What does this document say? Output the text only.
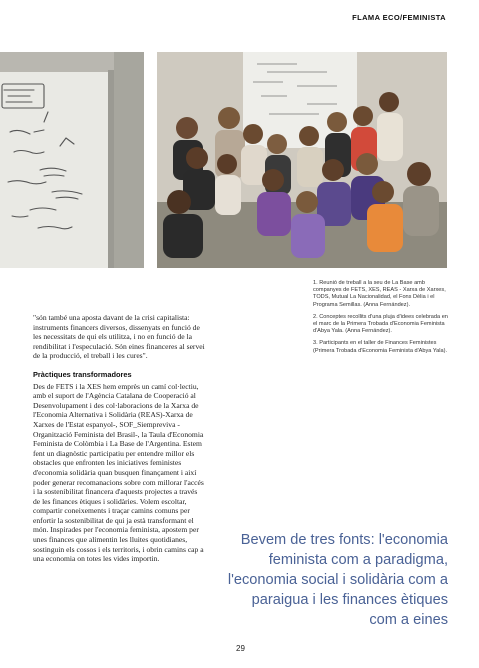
FLAMA ECO/FEMINISTA

1. Reunió de treball a la seu de La Base amb companyes de FETS, XES, REAS - Xarxa de Xarxes, TODS, Mutual La Nacionalidad, el Fons Dèlia i el Programa Semillas. (Anna Fernández).

2. Conceptes recollits d'una pluja d'idees celebrada en el marc de la Primera Trobada d'Economia Feminista d'Abya Yala. (Anna Fernández).

3. Participants en el taller de Finances Feministes (Primera Trobada d'Economia Feminista d'Abya Yala).

"són també una aposta davant de la crisi capitalista: instruments financers diversos, dissenyats en funció de les necessitats de qui els utilitza, i no en funció de la rendibilitat i l'especulació. Són eines financeres al servei de la producció, el treball i les cures".

Pràctiques transformadores

Des de FETS i la XES hem emprès un camí col·lectiu, amb el suport de l'Agència Catalana de Cooperació al Desenvolupament i des col·laboracions de la Xarxa de l'Economia Alternativa i Solidària (REAS)-Xarxa de Xarxes de l'Estat espanyol-, SOF_Siempreviva -Organització Feminista del Brasil-, la Taula d'Economia Feminista de Colòmbia i La Base de l'Argentina. Estem fent un diagnòstic participatiu per entendre millor els obstacles que enfronten les iniciatives feministes d'economia solidària quan busquen finançament i així poder generar recomanacions sobre com millorar l'accés i la sostenibilitat financera d'aquests projectes a través de les finances ètiques i solidàries. Volem escoltar, compartir coneixements i traçar camins comuns per enfortir la sostenibilitat de qui ja està transformant el món. Inspirades per l'economia feminista, apostem per unes finances que alimentin les lluites quotidianes, sostinguin els cossos i els territoris, i obrin camins cap a una economia on totes les vides importin.

Bevem de tres fonts: l'economia feminista com a paradigma, l'economia social i solidària com a paraigua i les finances ètiques com a eines
29
